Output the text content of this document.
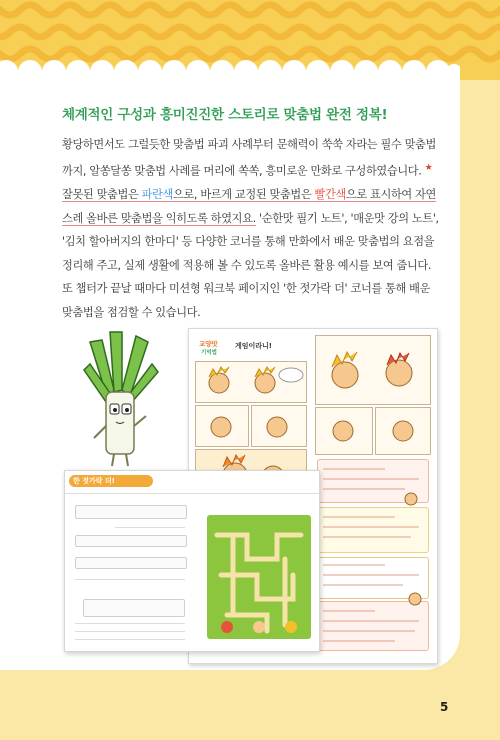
체계적인 구성과 흥미진진한 스토리로 맞춤법 완전 정복!
황당하면서도 그럴듯한 맞춤법 파괴 사례부터 문해력이 쑥쑥 자라는 필수 맞춤법까지, 알쏭달쏭 맞춤법 사례를 머리에 쏙쏙, 흥미로운 만화로 구성하였습니다. ★잘못된 맞춤법은 파란색으로, 바르게 교정된 맞춤법은 빨간색으로 표시하여 자연스레 올바른 맞춤법을 익히도록 하였지요. '순한맛 필기 노트', '매운맛 강의 노트', '김치 할아버지의 한마디' 등 다양한 코너를 통해 만화에서 배운 맞춤법의 요점을 정리해 주고, 실제 생활에 적용해 볼 수 있도록 올바른 활용 예시를 보여 줍니다. 또 챕터가 끝날 때마다 미션형 워크북 페이지인 '한 젓가락 더' 코너를 통해 배운 맞춤법을 점검할 수 있습니다.
교양맛
기억법
게임이라니!
한 젓가락 더!
5
